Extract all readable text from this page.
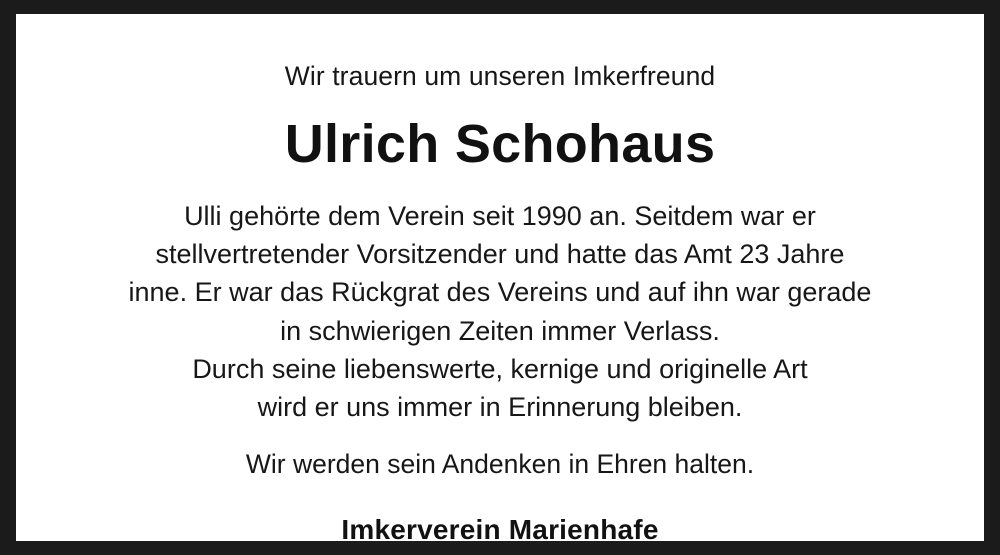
Wir trauern um unseren Imkerfreund
Ulrich Schohaus
Ulli gehörte dem Verein seit 1990 an. Seitdem war er
stellvertretender Vorsitzender und hatte das Amt 23 Jahre
inne. Er war das Rückgrat des Vereins und auf ihn war gerade
in schwierigen Zeiten immer Verlass.
Durch seine liebenswerte, kernige und originelle Art
wird er uns immer in Erinnerung bleiben.
Wir werden sein Andenken in Ehren halten.
Imkerverein Marienhafe
